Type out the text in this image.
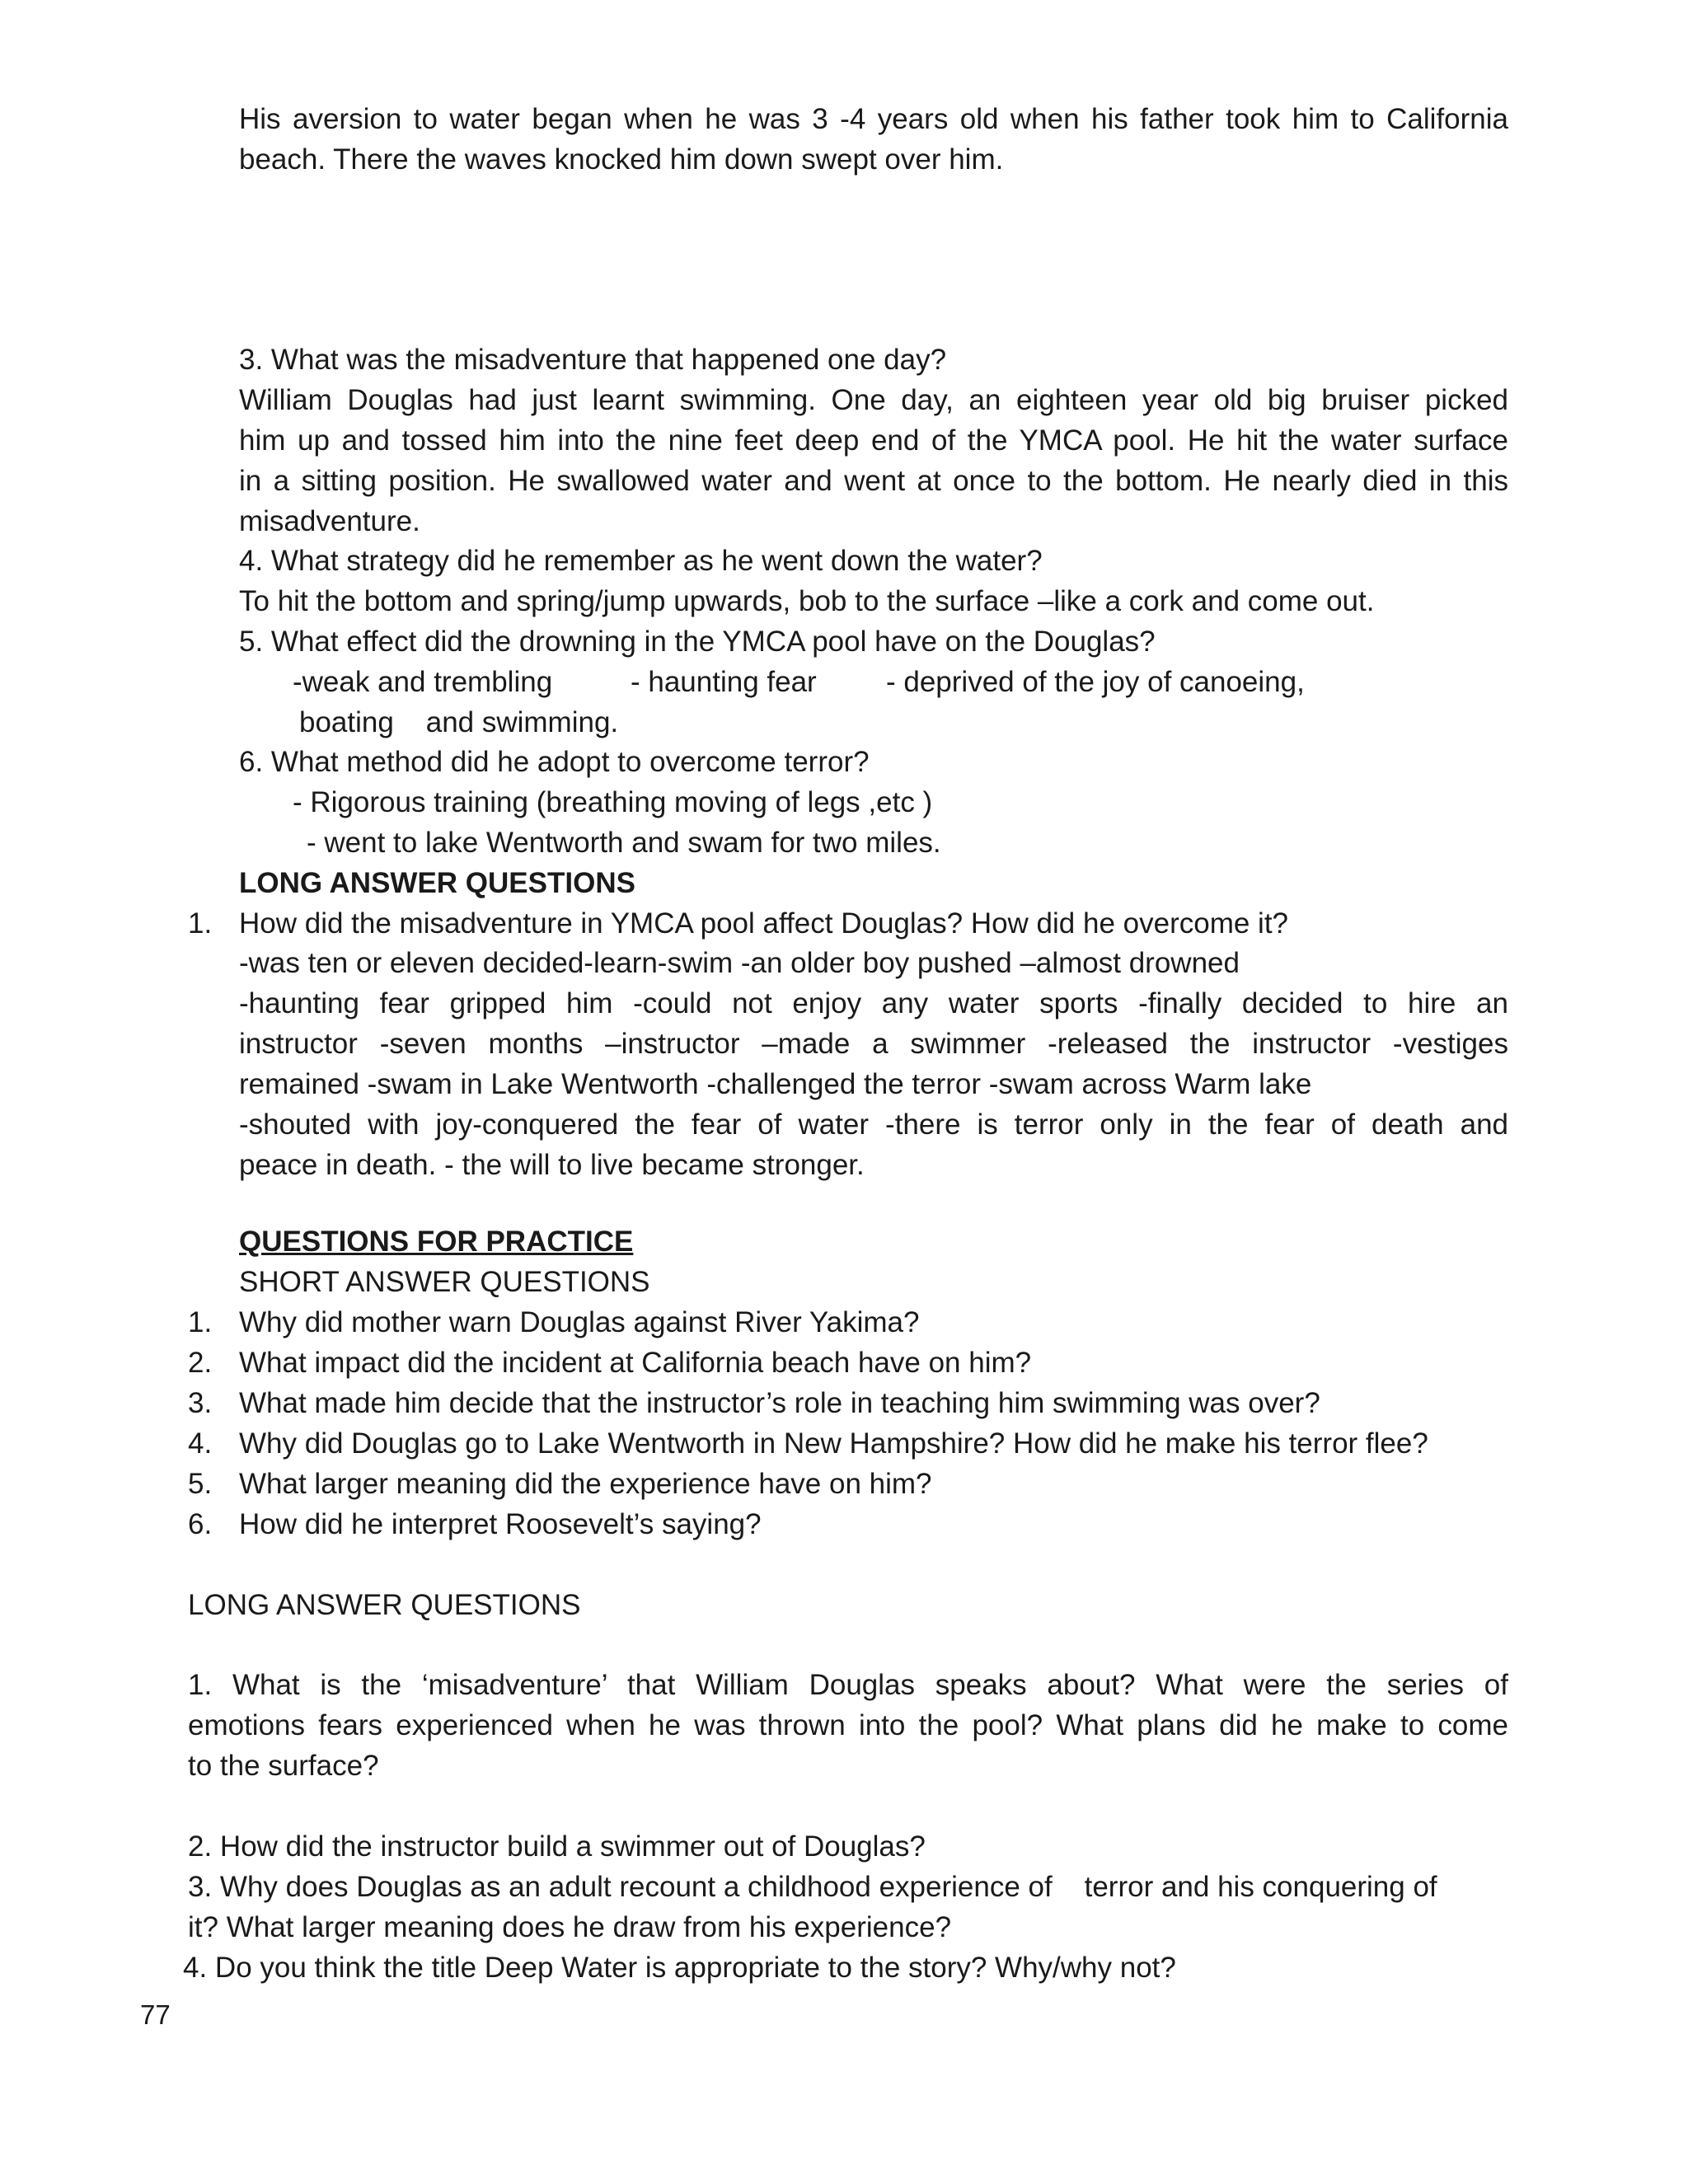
His aversion to water began when he was 3 -4 years old when his father took him to California
beach. There the waves knocked him down swept over him.
3. What was the misadventure that happened one day?
William Douglas had just learnt swimming. One day, an eighteen year old big bruiser picked
him up and tossed him into the nine feet deep end of the YMCA pool. He hit the water surface
in a sitting position. He swallowed water and went at once to the bottom. He nearly died in this
misadventure.
4. What strategy did he remember as he went down the water?
To hit the bottom and spring/jump upwards, bob to the surface –like a cork and come out.
5. What effect did the drowning in the YMCA pool have on the Douglas?
-weak and trembling	- haunting fear - deprived of the joy of canoeing,
boating    and swimming.
6. What method did he adopt to overcome terror?
- Rigorous training (breathing moving of legs ,etc )
- went to lake Wentworth and swam for two miles.
LONG ANSWER QUESTIONS
1. How did the misadventure in YMCA pool affect Douglas? How did he overcome it?
-was ten or eleven decided-learn-swim -an older boy pushed –almost drowned
-haunting fear gripped him -could not enjoy any water sports -finally decided to hire an
instructor -seven months –instructor –made a swimmer -released the instructor -vestiges
remained -swam in Lake Wentworth -challenged the terror -swam across Warm lake
-shouted with joy-conquered the fear of water -there is terror only in the fear of death and
peace in death. - the will to live became stronger.
QUESTIONS FOR PRACTICE
SHORT ANSWER QUESTIONS
1. Why did mother warn Douglas against River Yakima?
2. What impact did the incident at California beach have on him?
3. What made him decide that the instructor’s role in teaching him swimming was over?
4. Why did Douglas go to Lake Wentworth in New Hampshire? How did he make his terror flee?
5. What larger meaning did the experience have on him?
6. How did he interpret Roosevelt’s saying?
LONG ANSWER QUESTIONS
1. What is the ‘misadventure’ that William Douglas speaks about? What were the series of
emotions fears experienced when he was thrown into the pool? What plans did he make to come
to the surface?
2. How did the instructor build a swimmer out of Douglas?
3. Why does Douglas as an adult recount a childhood experience of    terror and his conquering of
it? What larger meaning does he draw from his experience?
4. Do you think the title Deep Water is appropriate to the story? Why/why not?
77
